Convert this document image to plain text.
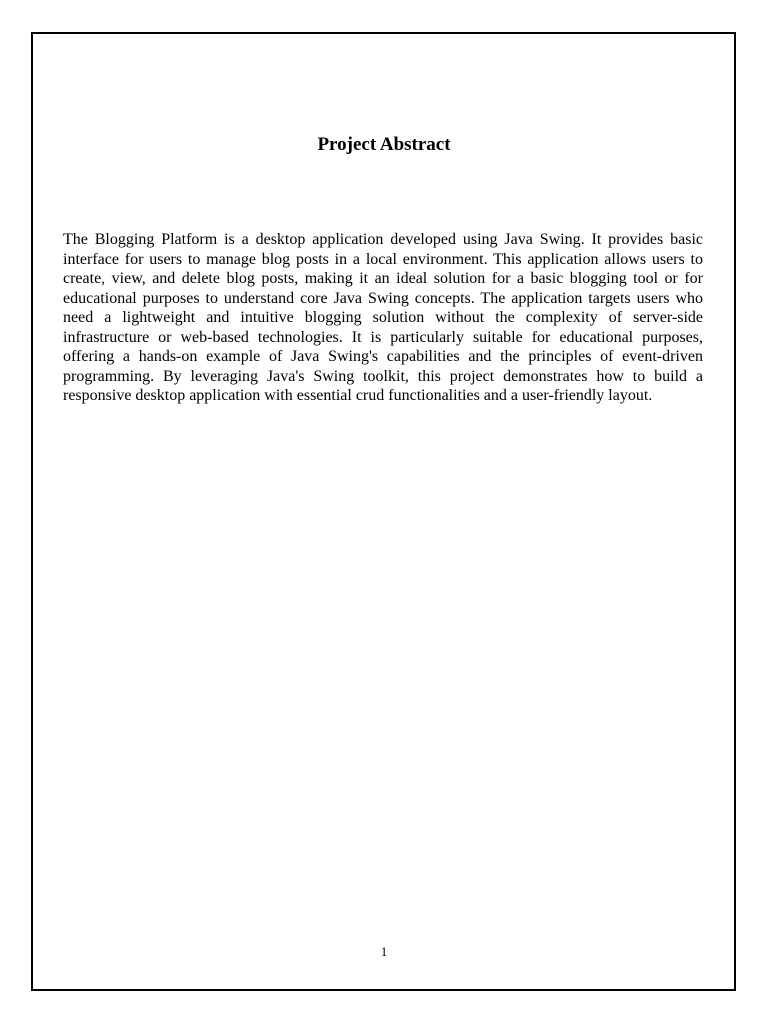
Project Abstract

The Blogging Platform is a desktop application developed using Java Swing. It provides basic interface for users to manage blog posts in a local environment. This application allows users to create, view, and delete blog posts, making it an ideal solution for a basic blogging tool or for educational purposes to understand core Java Swing concepts. The application targets users who need a lightweight and intuitive blogging solution without the complexity of server-side infrastructure or web-based technologies. It is particularly suitable for educational purposes, offering a hands-on example of Java Swing's capabilities and the principles of event-driven programming. By leveraging Java's Swing toolkit, this project demonstrates how to build a responsive desktop application with essential crud functionalities and a user-friendly layout.

1
